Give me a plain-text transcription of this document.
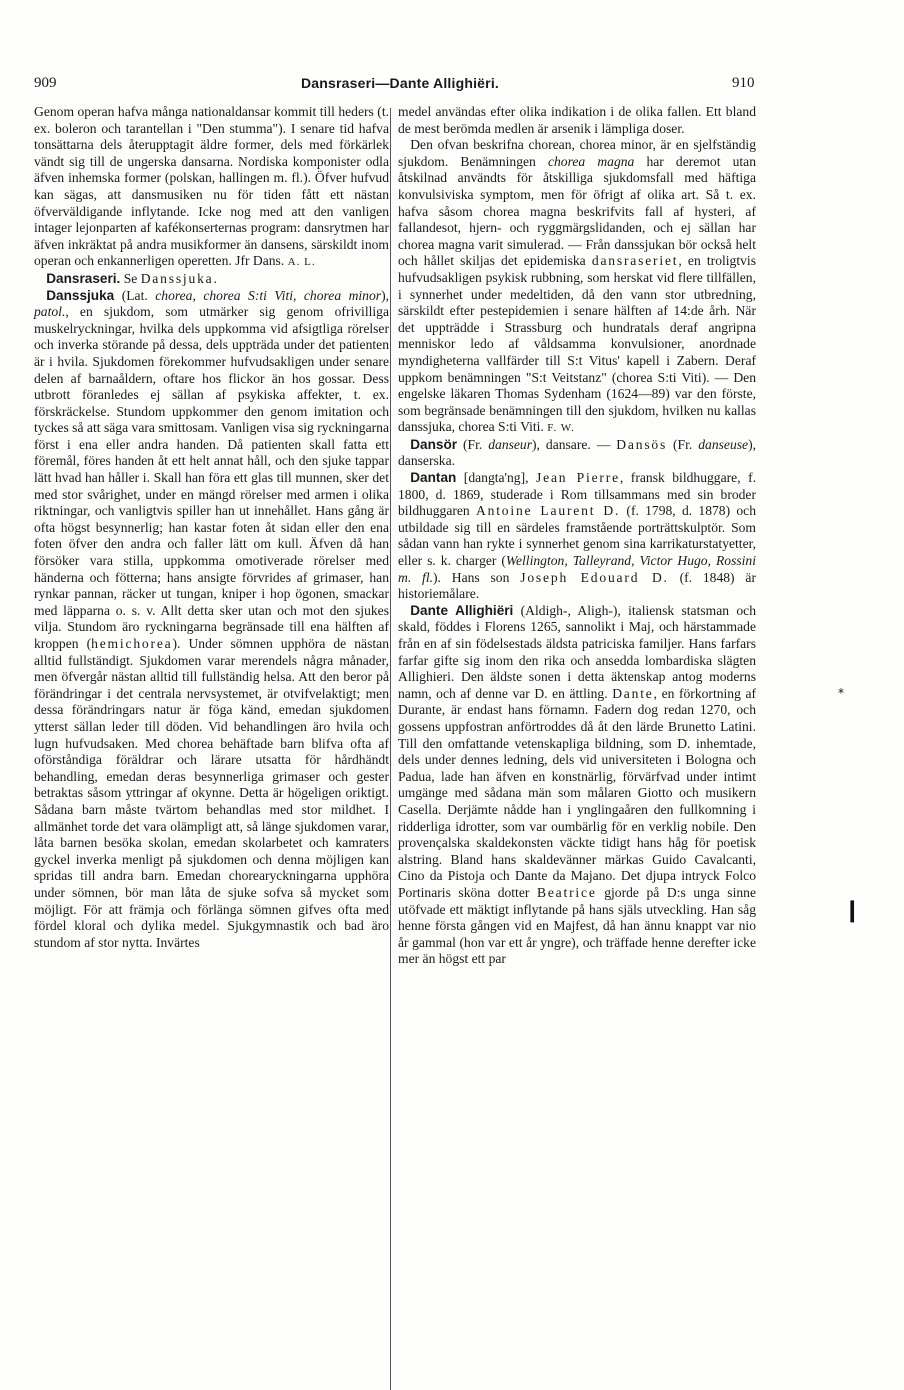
909	Dansraseri—Dante Allighiëri.	910

Genom operan hafva många nationaldansar kommit till heders (t. ex. boleron och tarantellan i "Den stumma"). I senare tid hafva tonsättarna dels återupptagit äldre former, dels med förkärlek vändt sig till de ungerska dansarna. Nordiska komponister odla äfven inhemska former (polskan, hallingen m. fl.). Öfver hufvud kan sägas, att dansmusiken nu för tiden fått ett nästan öfverväldigande inflytande. Icke nog med att den vanligen intager lejonparten af kafékonserternas program: dansrytmen har äfven inkräktat på andra musikformer än dansens, särskildt inom operan och enkannerligen operetten. Jfr Dans. A. L.

Dansraseri. Se Danssjuka.

Danssjuka (Lat. chorea, chorea S:ti Viti, chorea minor), patol., en sjukdom, som utmärker sig genom ofrivilliga muskelryckningar, hvilka dels uppkomma vid afsigtliga rörelser och inverka störande på dessa, dels uppträda under det patienten är i hvila. Sjukdomen förekommer hufvudsakligen under senare delen af barnaåldern, oftare hos flickor än hos gossar. Dess utbrott föranledes ej sällan af psykiska affekter, t. ex. förskräckelse. Stundom uppkommer den genom imitation och tyckes så att säga vara smittosam. Vanligen visa sig ryckningarna först i ena eller andra handen. Då patienten skall fatta ett föremål, föres handen åt ett helt annat håll, och den sjuke tappar lätt hvad han håller i. Skall han föra ett glas till munnen, sker det med stor svårighet, under en mängd rörelser med armen i olika riktningar, och vanligtvis spiller han ut innehållet. Hans gång är ofta högst besynnerlig; han kastar foten åt sidan eller den ena foten öfver den andra och faller lätt om kull. Äfven då han försöker vara stilla, uppkomma omotiverade rörelser med händerna och fötterna; hans ansigte förvrides af grimaser, han rynkar pannan, räcker ut tungan, kniper i hop ögonen, smackar med läpparna o. s. v. Allt detta sker utan och mot den sjukes vilja. Stundom äro ryckningarna begränsade till ena hälften af kroppen (hemichorea). Under sömnen upphöra de nästan alltid fullständigt. Sjukdomen varar merendels några månader, men öfvergår nästan alltid till fullständig helsa. Att den beror på förändringar i det centrala nervsystemet, är otvifvelaktigt; men dessa förändringars natur är föga känd, emedan sjukdomen ytterst sällan leder till döden. Vid behandlingen äro hvila och lugn hufvudsaken. Med chorea behäftade barn blifva ofta af oförståndiga föräldrar och lärare utsatta för hårdhändt behandling, emedan deras besynnerliga grimaser och gester betraktas såsom yttringar af okynne. Detta är högeligen oriktigt. Sådana barn måste tvärtom behandlas med stor mildhet. I allmänhet torde det vara olämpligt att, så länge sjukdomen varar, låta barnen besöka skolan, emedan skolarbetet och kamraters gyckel inverka menligt på sjukdomen och denna möjligen kan spridas till andra barn. Emedan chorearyckningarna upphöra under sömnen, bör man låta de sjuke sofva så mycket som möjligt. För att främja och förlänga sömnen gifves ofta med fördel kloral och dylika medel. Sjukgymnastik och bad äro stundom af stor nytta. Invärtes

medel användas efter olika indikation i de olika fallen. Ett bland de mest berömda medlen är arsenik i lämpliga doser.

Den ofvan beskrifna chorean, chorea minor, är en sjelfständig sjukdom. Benämningen chorea magna har deremot utan åtskilnad användts för åtskilliga sjukdomsfall med häftiga konvulsiviska symptom, men för öfrigt af olika art. Så t. ex. hafva såsom chorea magna beskrifvits fall af hysteri, af fallandesot, hjern- och ryggmärgslidanden, och ej sällan har chorea magna varit simulerad. — Från danssjukan bör också helt och hållet skiljas det epidemiska dansraseriet, en troligtvis hufvudsakligen psykisk rubbning, som herskat vid flere tillfällen, i synnerhet under medeltiden, då den vann stor utbredning, särskildt efter pestepidemien i senare hälften af 14:de årh. När det uppträdde i Strassburg och hundratals deraf angripna menniskor ledo af våldsamma konvulsioner, anordnade myndigheterna vallfärder till S:t Vitus' kapell i Zabern. Deraf uppkom benämningen "S:t Veitstanz" (chorea S:ti Viti). — Den engelske läkaren Thomas Sydenham (1624—89) var den förste, som begränsade benämningen till den sjukdom, hvilken nu kallas danssjuka, chorea S:ti Viti. F. W.

Dansör (Fr. danseur), dansare. — Dansös (Fr. danseuse), danserska.

Dantan [dangta'ng], Jean Pierre, fransk bildhuggare, f. 1800, d. 1869, studerade i Rom tillsammans med sin broder bildhuggaren Antoine Laurent D. (f. 1798, d. 1878) och utbildade sig till en särdeles framstående porträttskulptör. Som sådan vann han rykte i synnerhet genom sina karrikaturstatyetter, eller s. k. charger (Wellington, Talleyrand, Victor Hugo, Rossini m. fl.). Hans son Joseph Edouard D. (f. 1848) är historiemålare.

Dante Allighiëri (Aldigh-, Aligh-), italiensk statsman och skald, föddes i Florens 1265, sannolikt i Maj, och härstammade från en af sin födelsestads äldsta patriciska familjer. Hans farfars farfar gifte sig inom den rika och ansedda lombardiska slägten Allighieri. Den äldste sonen i detta äktenskap antog moderns namn, och af denne var D. en ättling. Dante, en förkortning af Durante, är endast hans förnamn. Fadern dog redan 1270, och gossens uppfostran anförtroddes då åt den lärde Brunetto Latini. Till den omfattande vetenskapliga bildning, som D. inhemtade, dels under dennes ledning, dels vid universiteten i Bologna och Padua, lade han äfven en konstnärlig, förvärfvad under intimt umgänge med sådana män som målaren Giotto och musikern Casella. Derjämte nådde han i ynglingaåren den fullkomning i ridderliga idrotter, som var oumbärlig för en verklig nobile. Den provençalska skaldekonsten väckte tidigt hans håg för poetisk alstring. Bland hans skaldevänner märkas Guido Cavalcanti, Cino da Pistoja och Dante da Majano. Det djupa intryck Folco Portinaris sköna dotter Beatrice gjorde på D:s unga sinne utöfvade ett mäktigt inflytande på hans själs utveckling. Han såg henne första gången vid en Majfest, då han ännu knappt var nio år gammal (hon var ett år yngre), och träffade henne derefter icke mer än högst ett par

*
❙
